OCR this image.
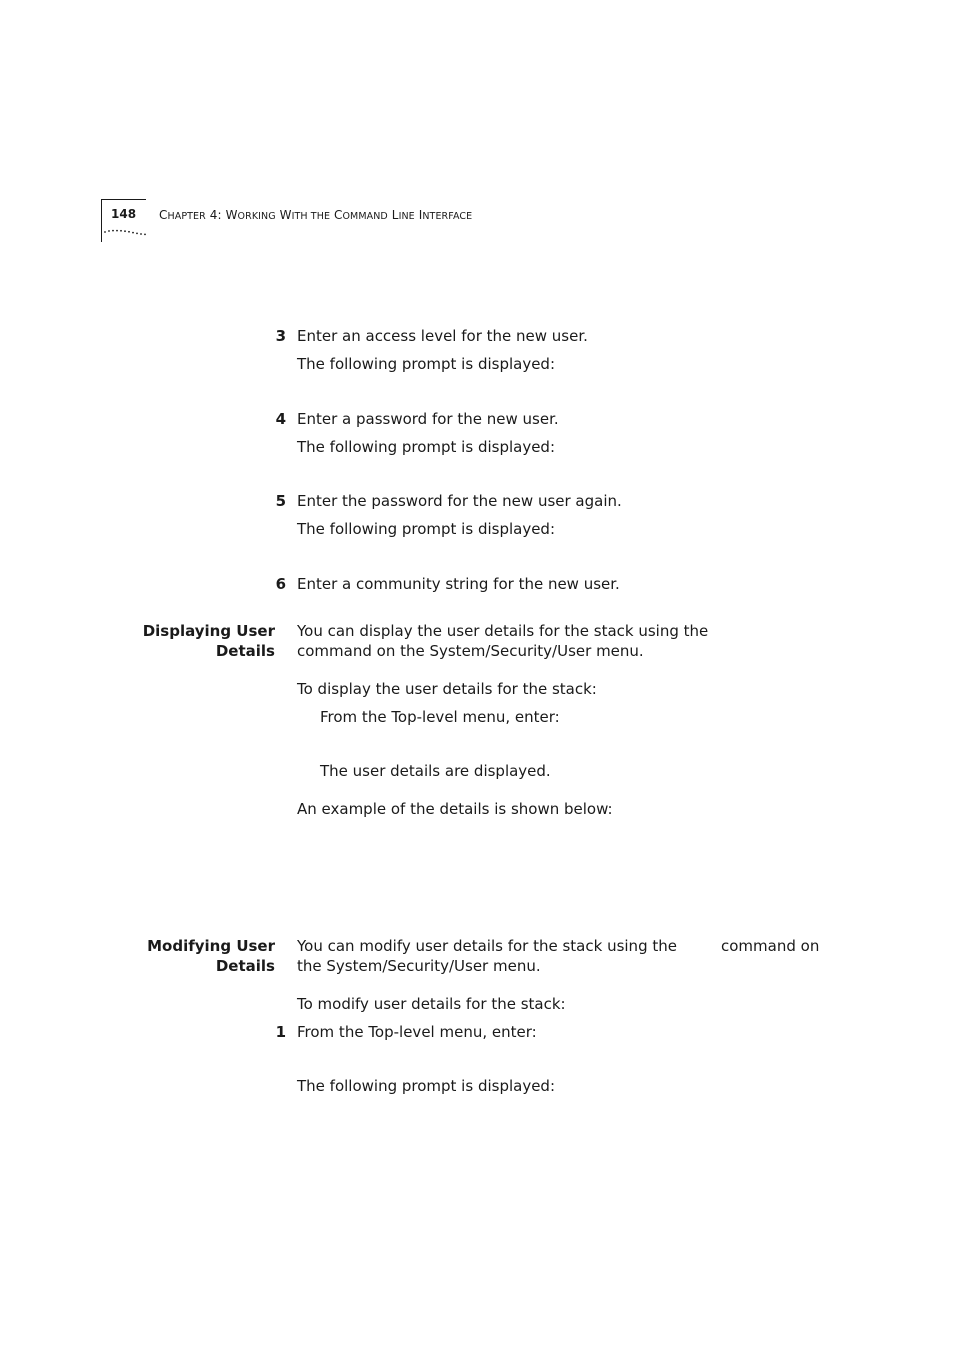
148 CHAPTER 4: WORKING WITH THE COMMAND LINE INTERFACE
3 Enter an access level for the new user.
The following prompt is displayed:
4 Enter a password for the new user.
The following prompt is displayed:
5 Enter the password for the new user again.
The following prompt is displayed:
6 Enter a community string for the new user.
Displaying User
Details
You can display the user details for the stack using the
command on the System/Security/User menu.
To display the user details for the stack:
From the Top-level menu, enter:
The user details are displayed.
An example of the details is shown below:
Modifying User
Details
You can modify user details for the stack using the	command on
the System/Security/User menu.
To modify user details for the stack:
1 From the Top-level menu, enter:
The following prompt is displayed:
